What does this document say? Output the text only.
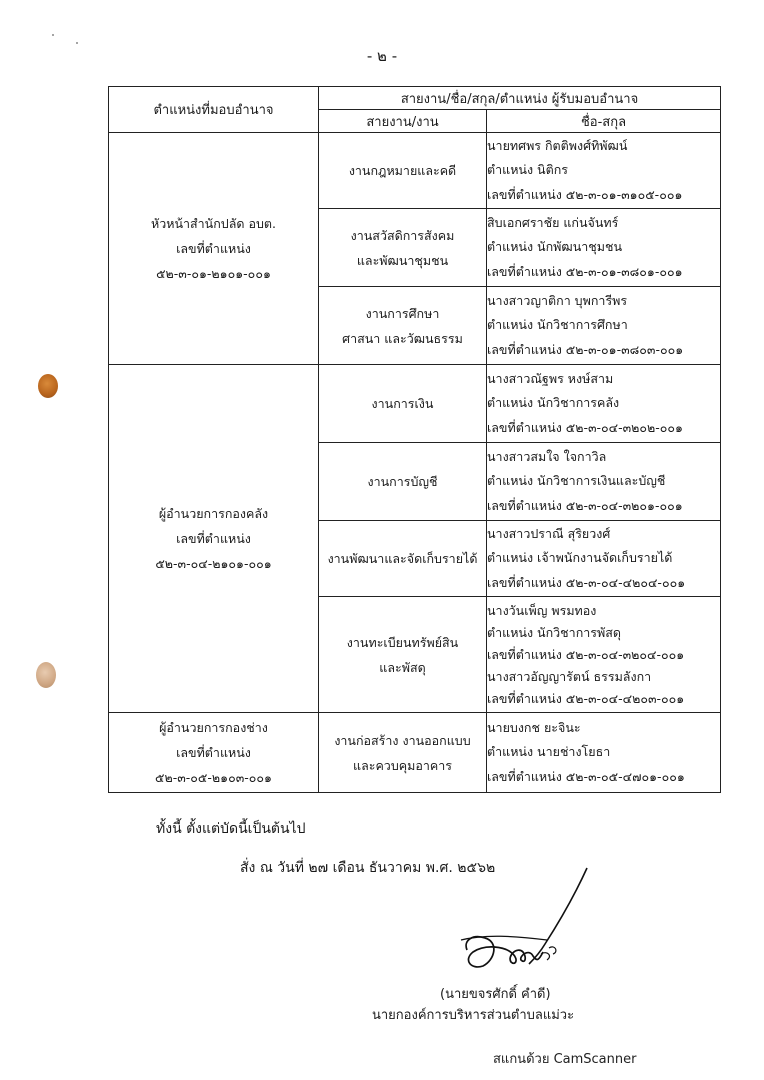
- ๒ -
ตำแหน่งที่มอบอำนาจ	สายงาน/ชื่อ/สกุล/ตำแหน่ง ผู้รับมอบอำนาจ	
	สายงาน/งาน	ชื่อ-สกุล

หัวหน้าสำนักปลัด อบต.
เลขที่ตำแหน่ง
๕๒-๓-๐๑-๒๑๐๑-๐๐๑	งานกฎหมายและคดี	นายทศพร กิตติพงศ์ทิพัฒน์
ตำแหน่ง นิติกร
เลขที่ตำแหน่ง ๕๒-๓-๐๑-๓๑๐๕-๐๐๑

	งานสวัสดิการสังคม
และพัฒนาชุมชน	สิบเอกศราชัย แก่นจันทร์
ตำแหน่ง นักพัฒนาชุมชน
เลขที่ตำแหน่ง ๕๒-๓-๐๑-๓๘๐๑-๐๐๑

	งานการศึกษา
ศาสนา และวัฒนธรรม	นางสาวญาติกา บุพการีพร
ตำแหน่ง นักวิชาการศึกษา
เลขที่ตำแหน่ง ๕๒-๓-๐๑-๓๘๐๓-๐๐๑

ผู้อำนวยการกองคลัง
เลขที่ตำแหน่ง
๕๒-๓-๐๔-๒๑๐๑-๐๐๑	งานการเงิน	นางสาวณัฐพร หงษ์สาม
ตำแหน่ง นักวิชาการคลัง
เลขที่ตำแหน่ง ๕๒-๓-๐๔-๓๒๐๒-๐๐๑

	งานการบัญชี	นางสาวสมใจ ใจกาวิล
ตำแหน่ง นักวิชาการเงินและบัญชี
เลขที่ตำแหน่ง ๕๒-๓-๐๔-๓๒๐๑-๐๐๑

	งานพัฒนาและจัดเก็บรายได้	นางสาวปราณี สุริยวงศ์
ตำแหน่ง เจ้าพนักงานจัดเก็บรายได้
เลขที่ตำแหน่ง ๕๒-๓-๐๔-๔๒๐๔-๐๐๑

	งานทะเบียนทรัพย์สิน
และพัสดุ	นางวันเพ็ญ พรมทอง
ตำแหน่ง นักวิชาการพัสดุ
เลขที่ตำแหน่ง ๕๒-๓-๐๔-๓๒๐๔-๐๐๑
นางสาวอัญญารัตน์ ธรรมลังกา
เลขที่ตำแหน่ง ๕๒-๓-๐๔-๔๒๐๓-๐๐๑

ผู้อำนวยการกองช่าง
เลขที่ตำแหน่ง
๕๒-๓-๐๕-๒๑๐๓-๐๐๑	งานก่อสร้าง งานออกแบบ
และควบคุมอาคาร	นายบงกช ยะจินะ
ตำแหน่ง นายช่างโยธา
เลขที่ตำแหน่ง ๕๒-๓-๐๕-๔๗๐๑-๐๐๑
ทั้งนี้ ตั้งแต่บัดนี้เป็นต้นไป
สั่ง ณ วันที่ ๒๗ เดือน ธันวาคม พ.ศ. ๒๕๖๒
(นายขจรศักดิ์ คำดี)
นายกองค์การบริหารส่วนตำบลแม่วะ
สแกนด้วย CamScanner
